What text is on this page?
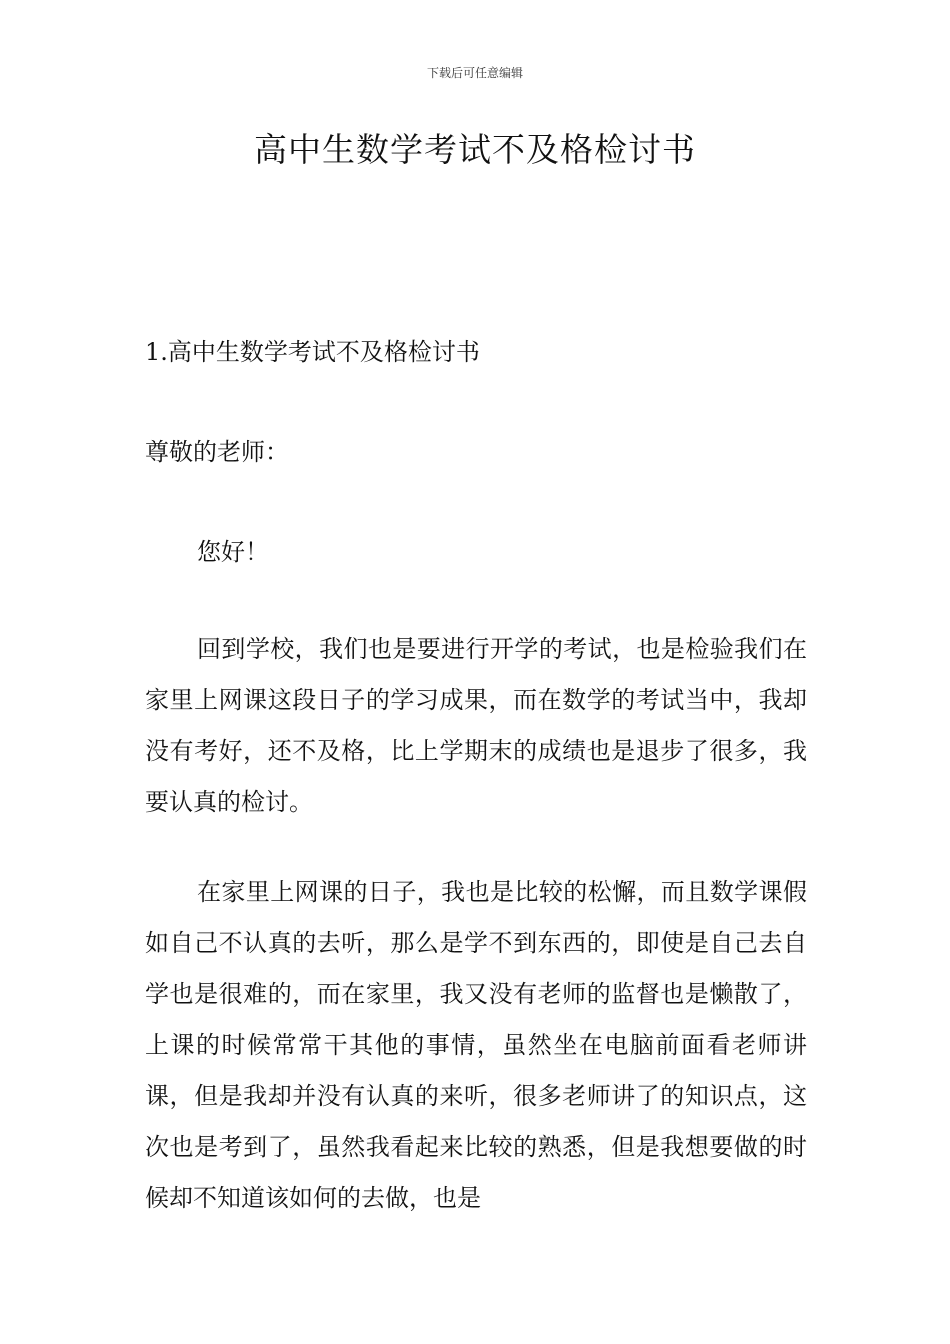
下载后可任意编辑
高中生数学考试不及格检讨书

1.高中生数学考试不及格检讨书

尊敬的老师：

您好！

回到学校，我们也是要进行开学的考试，也是检验我们在家里上网课这段日子的学习成果，而在数学的考试当中，我却没有考好，还不及格，比上学期末的成绩也是退步了很多，我要认真的检讨。

在家里上网课的日子，我也是比较的松懈，而且数学课假如自己不认真的去听，那么是学不到东西的，即使是自己去自学也是很难的，而在家里，我又没有老师的监督也是懒散了，上课的时候常常干其他的事情，虽然坐在电脑前面看老师讲课，但是我却并没有认真的来听，很多老师讲了的知识点，这次也是考到了，虽然我看起来比较的熟悉，但是我想要做的时候却不知道该如何的去做，也是
